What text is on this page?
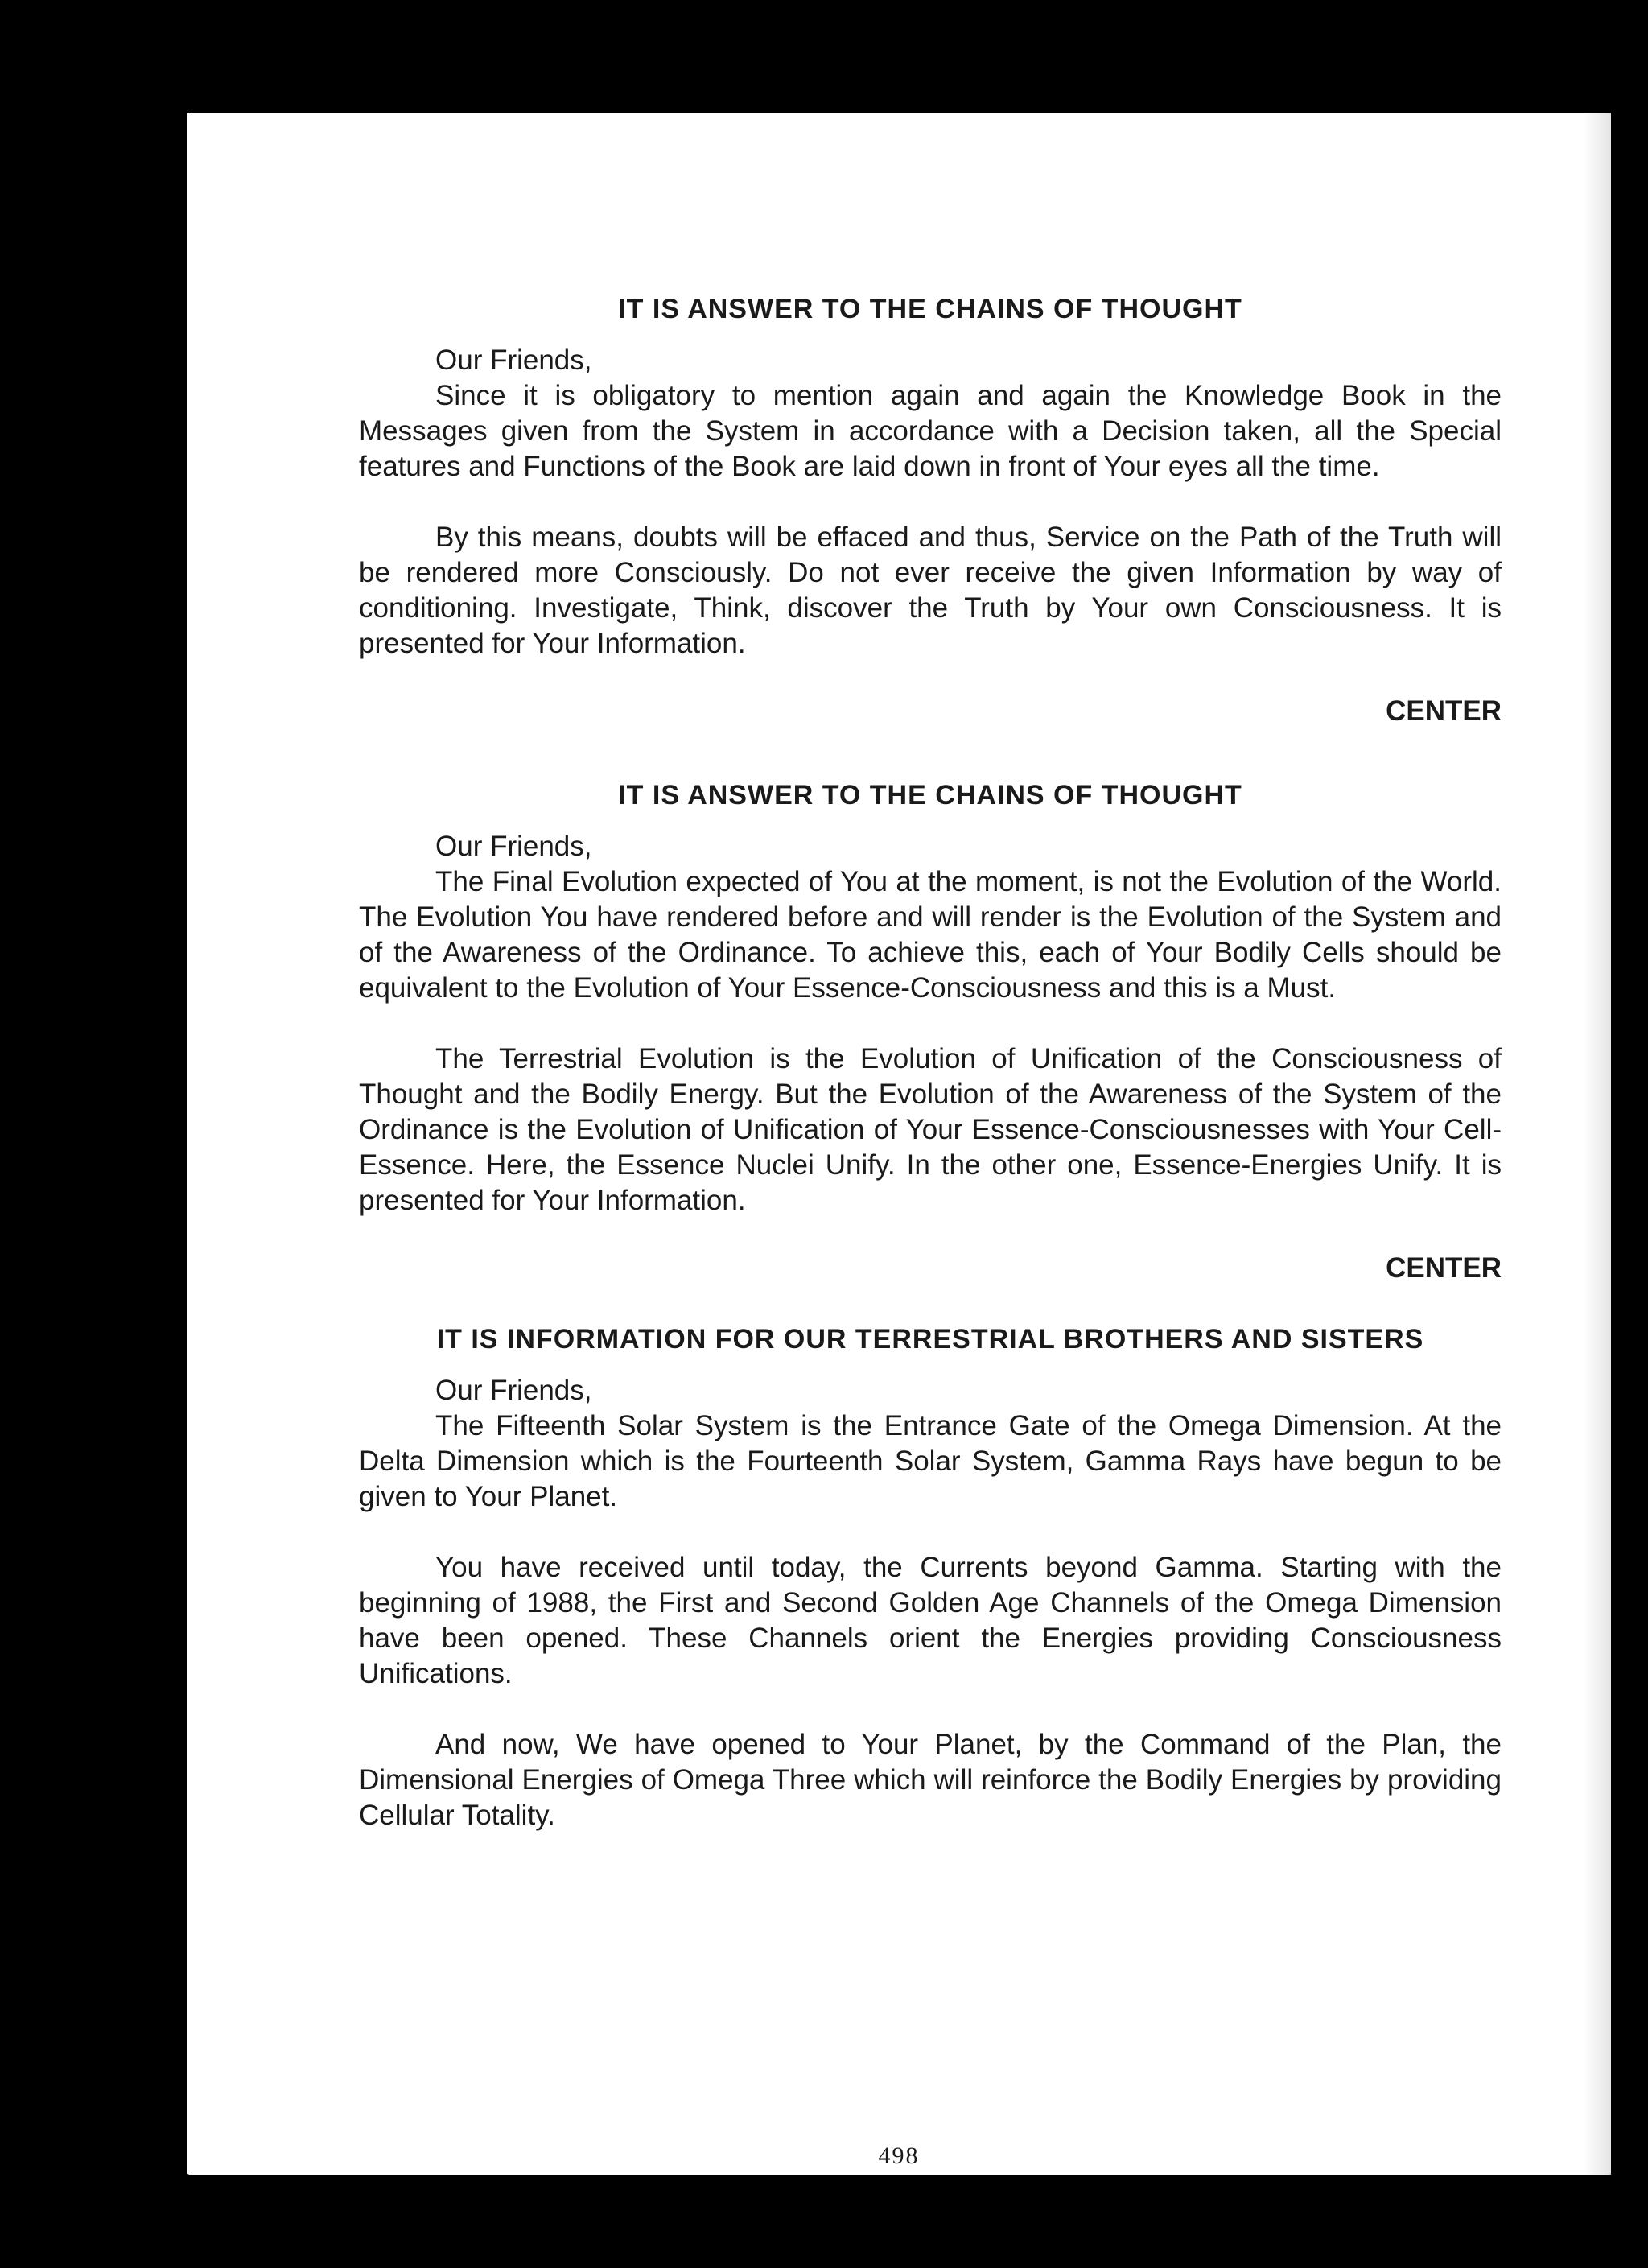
IT IS ANSWER TO THE CHAINS OF THOUGHT

Our Friends,

Since it is obligatory to mention again and again the Knowledge Book in the Messages given from the System in accordance with a Decision taken, all the Special features and Functions of the Book are laid down in front of Your eyes all the time.

By this means, doubts will be effaced and thus, Service on the Path of the Truth will be rendered more Consciously. Do not ever receive the given Information by way of conditioning. Investigate, Think, discover the Truth by Your own Consciousness. It is presented for Your Information.

CENTER

IT IS ANSWER TO THE CHAINS OF THOUGHT

Our Friends,

The Final Evolution expected of You at the moment, is not the Evolution of the World. The Evolution You have rendered before and will render is the Evolution of the System and of the Awareness of the Ordinance. To achieve this, each of Your Bodily Cells should be equivalent to the Evolution of Your Essence-Consciousness and this is a Must.

The Terrestrial Evolution is the Evolution of Unification of the Consciousness of Thought and the Bodily Energy. But the Evolution of the Awareness of the System of the Ordinance is the Evolution of Unification of Your Essence-Consciousnesses with Your Cell-Essence. Here, the Essence Nuclei Unify. In the other one, Essence-Energies Unify. It is presented for Your Information.

CENTER

IT IS INFORMATION FOR OUR TERRESTRIAL BROTHERS AND SISTERS

Our Friends,

The Fifteenth Solar System is the Entrance Gate of the Omega Dimension. At the Delta Dimension which is the Fourteenth Solar System, Gamma Rays have begun to be given to Your Planet.

You have received until today, the Currents beyond Gamma. Starting with the beginning of 1988, the First and Second Golden Age Channels of the Omega Dimension have been opened. These Channels orient the Energies providing Consciousness Unifications.

And now, We have opened to Your Planet, by the Command of the Plan, the Dimensional Energies of Omega Three which will reinforce the Bodily Energies by providing Cellular Totality.

498
